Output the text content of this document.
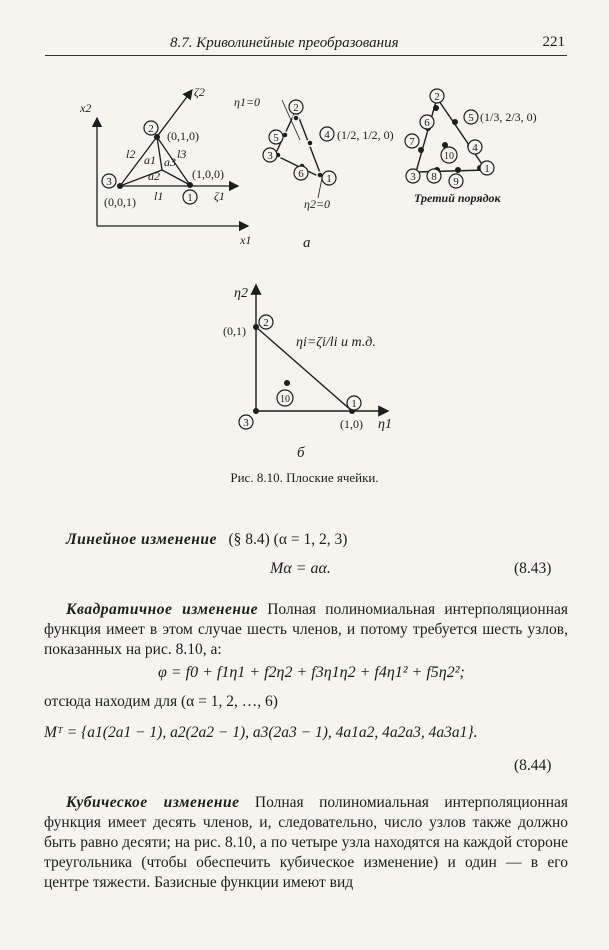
8.7. Криволинейные преобразования	221
x2
x1
ζ2
ζ1
l2	l3
l1
a1 a3
a2
(0,1,0)
(1,0,0)
(0,0,1)
2
3
1
2
5	4
3
6 1
η1=0
η2=0
(1/2, 1/2, 0)
2
6	5
7
10
4
3 8 9
1
(1/3, 2/3, 0)
Третий порядок
а
2
3
1
10
(0,1)
(1,0)
η2
η1
ηi=ζi/li и т.д.
б
Рис. 8.10. Плоские ячейки.
Линейное изменение (§ 8.4) (α = 1, 2, 3)
Mα = aα.	(8.43)
Квадратичное изменение Полная полиномиальная интерполяционная функция имеет в этом случае шесть членов, и потому требуется шесть узлов, показанных на рис. 8.10, а:
φ = f0 + f1η1 + f2η2 + f3η1η2 + f4η1² + f5η2²;
отсюда находим для (α = 1, 2, …, 6)
Mᵀ = {a1(2a1 − 1), a2(2a2 − 1), a3(2a3 − 1), 4a1a2, 4a2a3, 4a3a1}.
(8.44)
Кубическое изменение Полная полиномиальная интерполяционная функция имеет десять членов, и, следовательно, число узлов также должно быть равно десяти; на рис. 8.10, а по четыре узла находятся на каждой стороне треугольника (чтобы обеспечить кубическое изменение) и один — в его центре тяжести. Базисные функции имеют вид
